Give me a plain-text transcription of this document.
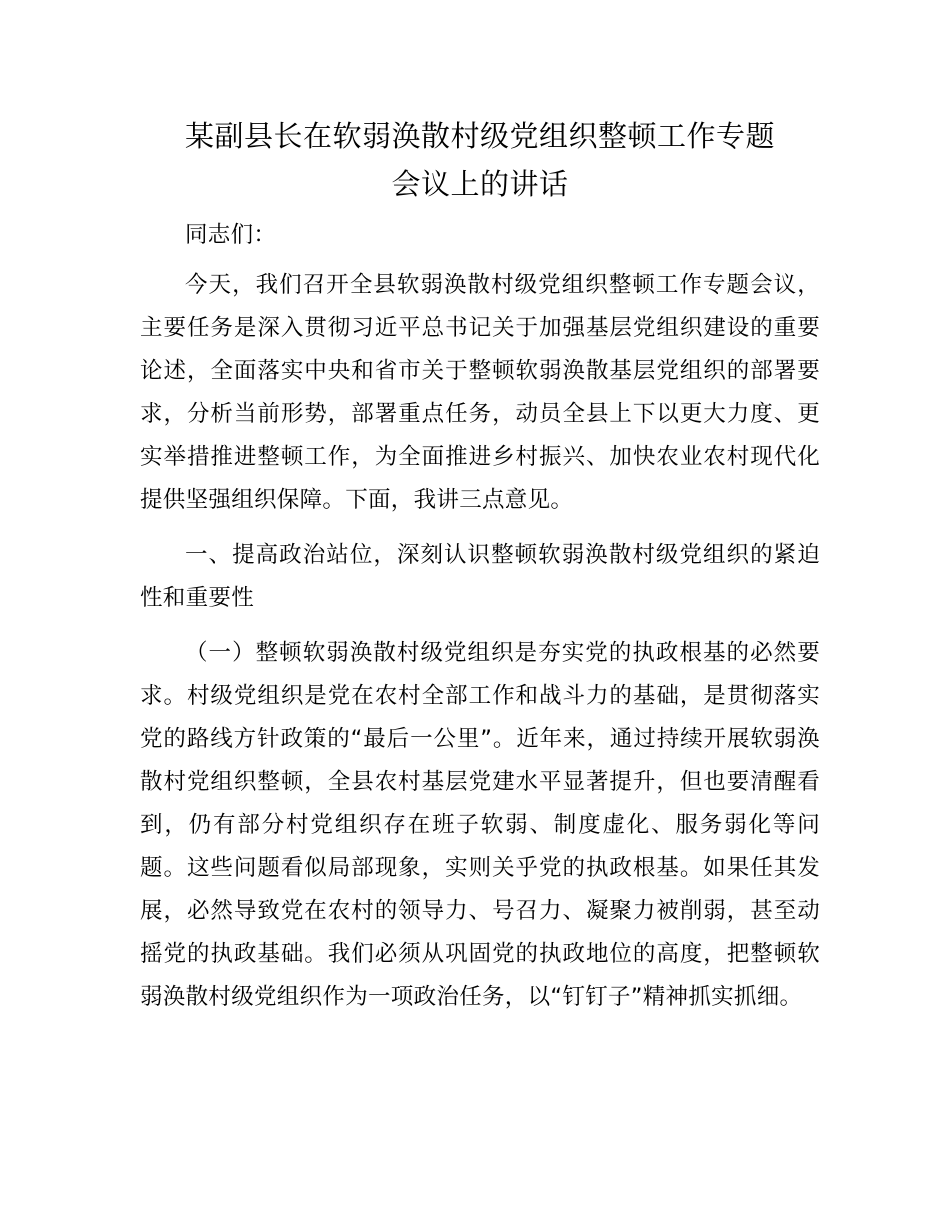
某副县长在软弱涣散村级党组织整顿工作专题
会议上的讲话

同志们：

今天，我们召开全县软弱涣散村级党组织整顿工作专题会议，主要任务是深入贯彻习近平总书记关于加强基层党组织建设的重要论述，全面落实中央和省市关于整顿软弱涣散基层党组织的部署要求，分析当前形势，部署重点任务，动员全县上下以更大力度、更实举措推进整顿工作，为全面推进乡村振兴、加快农业农村现代化提供坚强组织保障。下面，我讲三点意见。

一、提高政治站位，深刻认识整顿软弱涣散村级党组织的紧迫性和重要性

（一）整顿软弱涣散村级党组织是夯实党的执政根基的必然要求。村级党组织是党在农村全部工作和战斗力的基础，是贯彻落实党的路线方针政策的“最后一公里”。近年来，通过持续开展软弱涣散村党组织整顿，全县农村基层党建水平显著提升，但也要清醒看到，仍有部分村党组织存在班子软弱、制度虚化、服务弱化等问题。这些问题看似局部现象，实则关乎党的执政根基。如果任其发展，必然导致党在农村的领导力、号召力、凝聚力被削弱，甚至动摇党的执政基础。我们必须从巩固党的执政地位的高度，把整顿软弱涣散村级党组织作为一项政治任务，以“钉钉子”精神抓实抓细。
